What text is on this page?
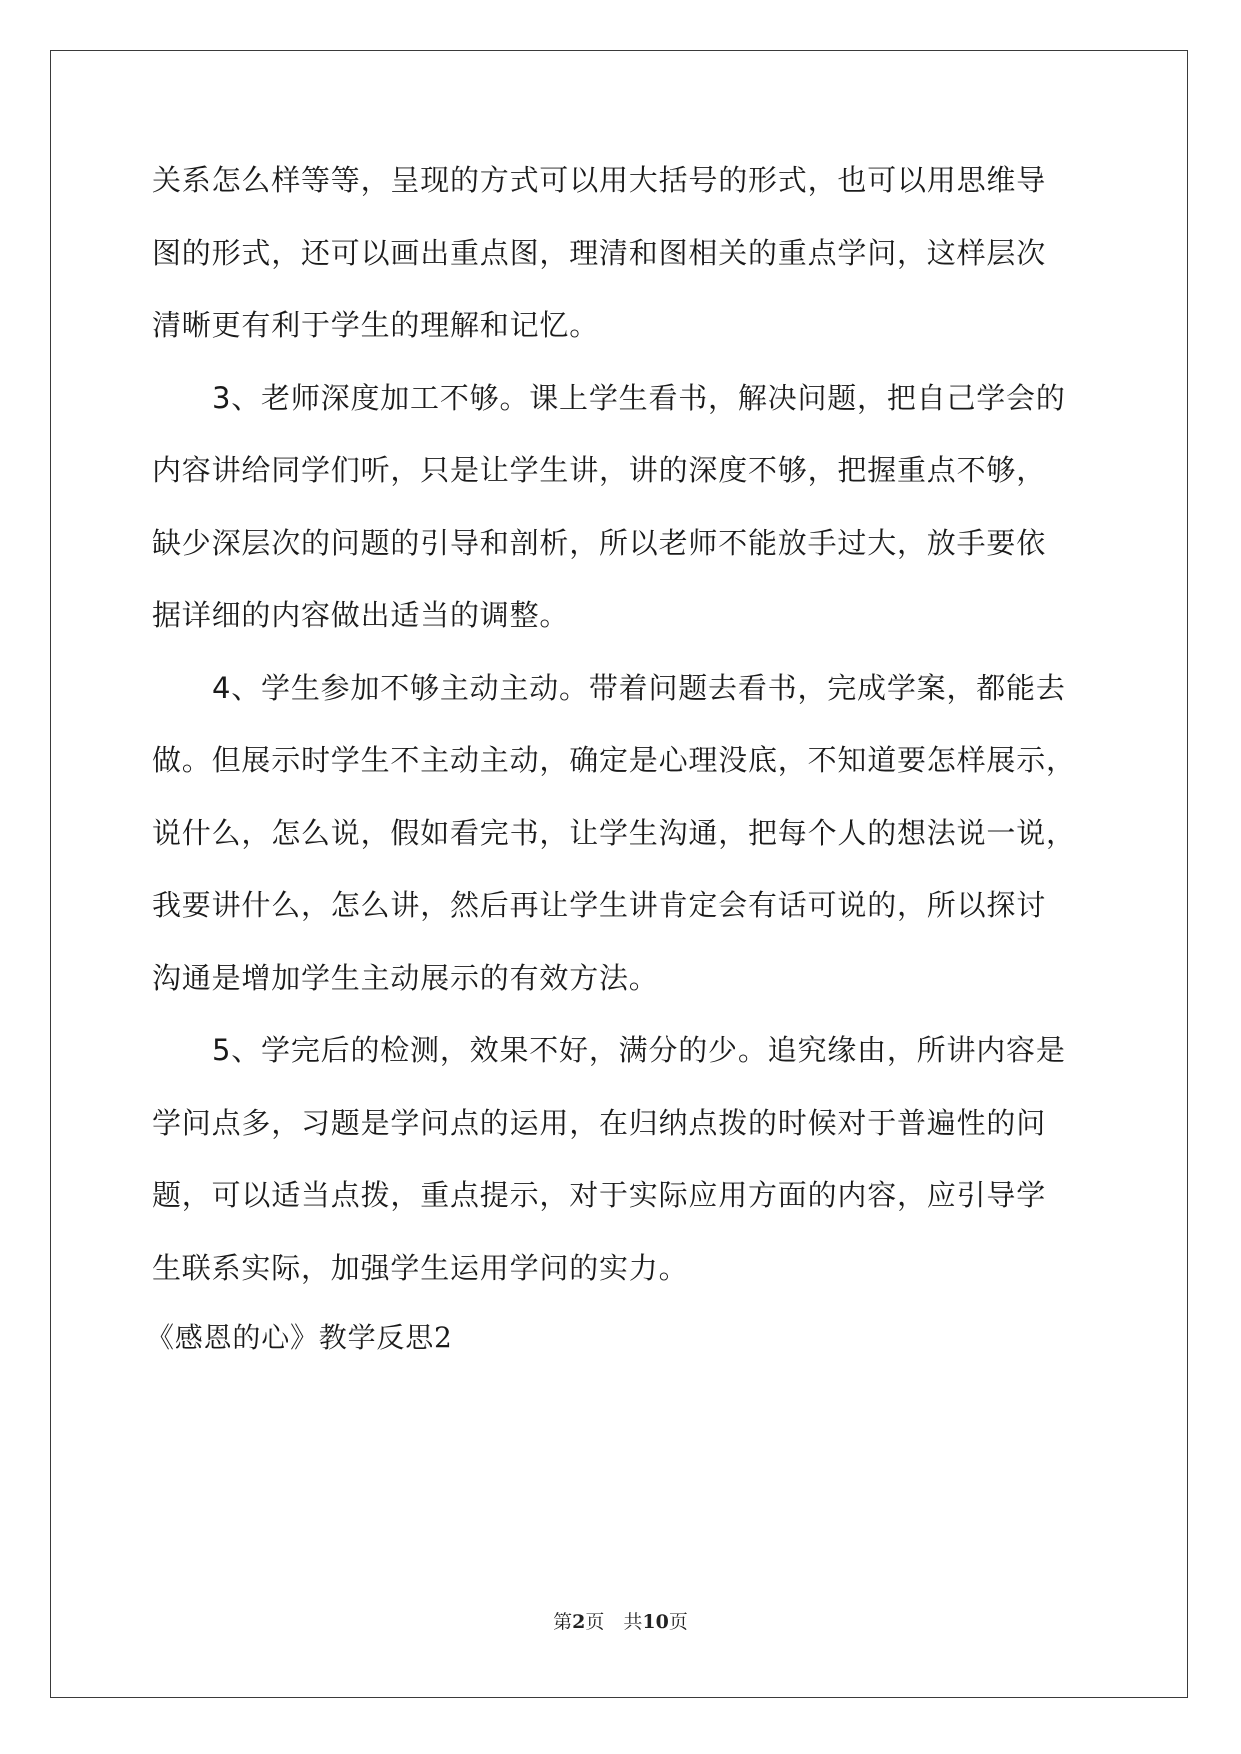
关系怎么样等等，呈现的方式可以用大括号的形式，也可以用思维导
图的形式，还可以画出重点图，理清和图相关的重点学问，这样层次
清晰更有利于学生的理解和记忆。
3、老师深度加工不够。课上学生看书，解决问题，把自己学会的
内容讲给同学们听，只是让学生讲，讲的深度不够，把握重点不够，
缺少深层次的问题的引导和剖析，所以老师不能放手过大，放手要依
据详细的内容做出适当的调整。
4、学生参加不够主动主动。带着问题去看书，完成学案，都能去
做。但展示时学生不主动主动，确定是心理没底，不知道要怎样展示，
说什么，怎么说，假如看完书，让学生沟通，把每个人的想法说一说，
我要讲什么，怎么讲，然后再让学生讲肯定会有话可说的，所以探讨
沟通是增加学生主动展示的有效方法。
5、学完后的检测，效果不好，满分的少。追究缘由，所讲内容是
学问点多，习题是学问点的运用，在归纳点拨的时候对于普遍性的问
题，可以适当点拨，重点提示，对于实际应用方面的内容，应引导学
生联系实际，加强学生运用学问的实力。
《感恩的心》教学反思2
第2页　共10页
